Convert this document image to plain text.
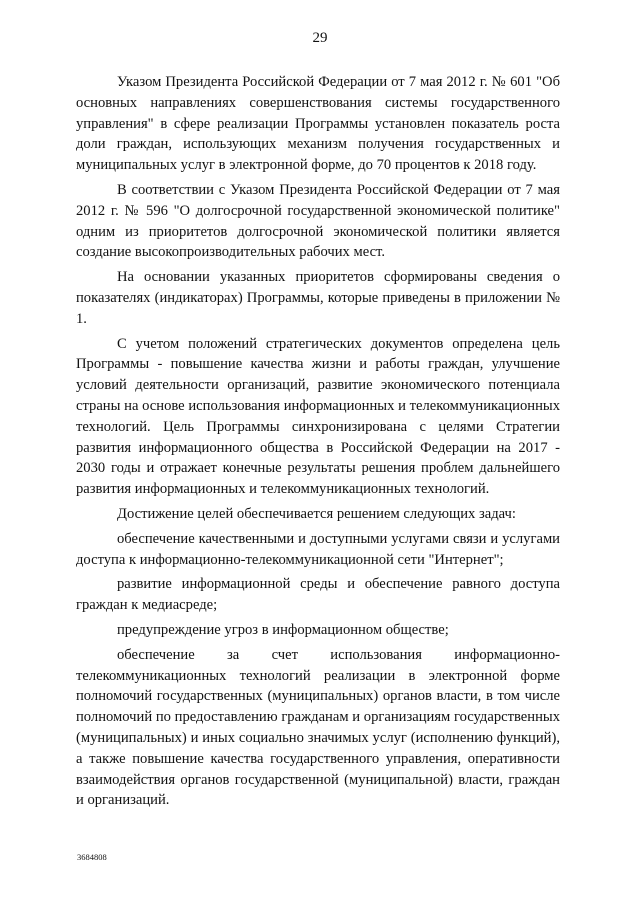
29

Указом Президента Российской Федерации от 7 мая 2012 г. № 601 "Об основных направлениях совершенствования системы государственного управления" в сфере реализации Программы установлен показатель роста доли граждан, использующих механизм получения государственных и муниципальных услуг в электронной форме, до 70 процентов к 2018 году.

В соответствии с Указом Президента Российской Федерации от 7 мая 2012 г. № 596 "О долгосрочной государственной экономической политике" одним из приоритетов долгосрочной экономической политики является создание высокопроизводительных рабочих мест.

На основании указанных приоритетов сформированы сведения о показателях (индикаторах) Программы, которые приведены в приложении № 1.

С учетом положений стратегических документов определена цель Программы - повышение качества жизни и работы граждан, улучшение условий деятельности организаций, развитие экономического потенциала страны на основе использования информационных и телекоммуникационных технологий. Цель Программы синхронизирована с целями Стратегии развития информационного общества в Российской Федерации на 2017 - 2030 годы и отражает конечные результаты решения проблем дальнейшего развития информационных и телекоммуникационных технологий.

Достижение целей обеспечивается решением следующих задач:

обеспечение качественными и доступными услугами связи и услугами доступа к информационно-телекоммуникационной сети "Интернет";

развитие информационной среды и обеспечение равного доступа граждан к медиасреде;

предупреждение угроз в информационном обществе;

обеспечение за счет использования информационно-телекоммуникационных технологий реализации в электронной форме полномочий государственных (муниципальных) органов власти, в том числе полномочий по предоставлению гражданам и организациям государственных (муниципальных) и иных социально значимых услуг (исполнению функций), а также повышение качества государственного управления, оперативности взаимодействия органов государственной (муниципальной) власти, граждан и организаций.

3684808
